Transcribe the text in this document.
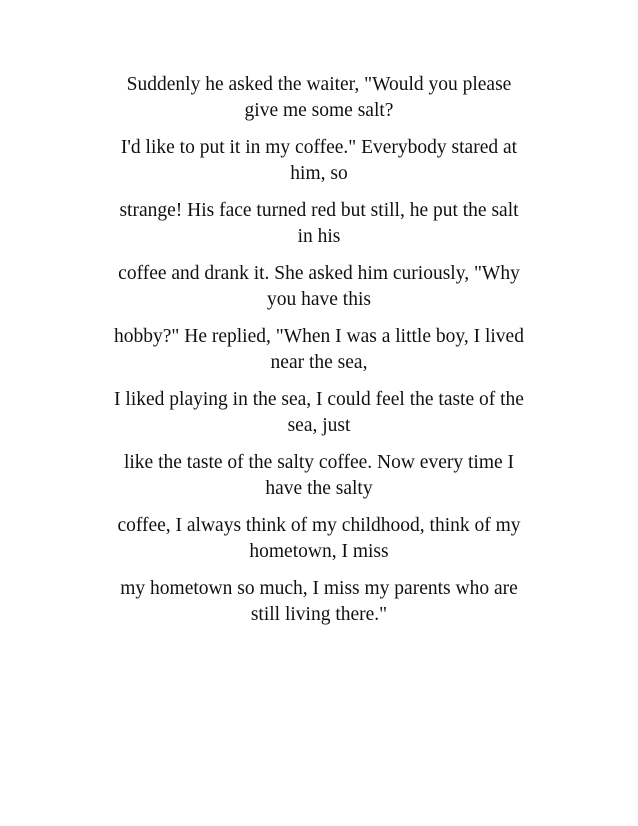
Suddenly he asked the waiter, "Would you please
give me some salt?

I'd like to put it in my coffee." Everybody stared at
him, so

strange! His face turned red but still, he put the salt
in his

coffee and drank it. She asked him curiously, "Why
you have this

hobby?" He replied, "When I was a little boy, I lived
near the sea,

I liked playing in the sea, I could feel the taste of the
sea, just

like the taste of the salty coffee. Now every time I
have the salty

coffee, I always think of my childhood, think of my
hometown, I miss

my hometown so much, I miss my parents who are
still living there."
